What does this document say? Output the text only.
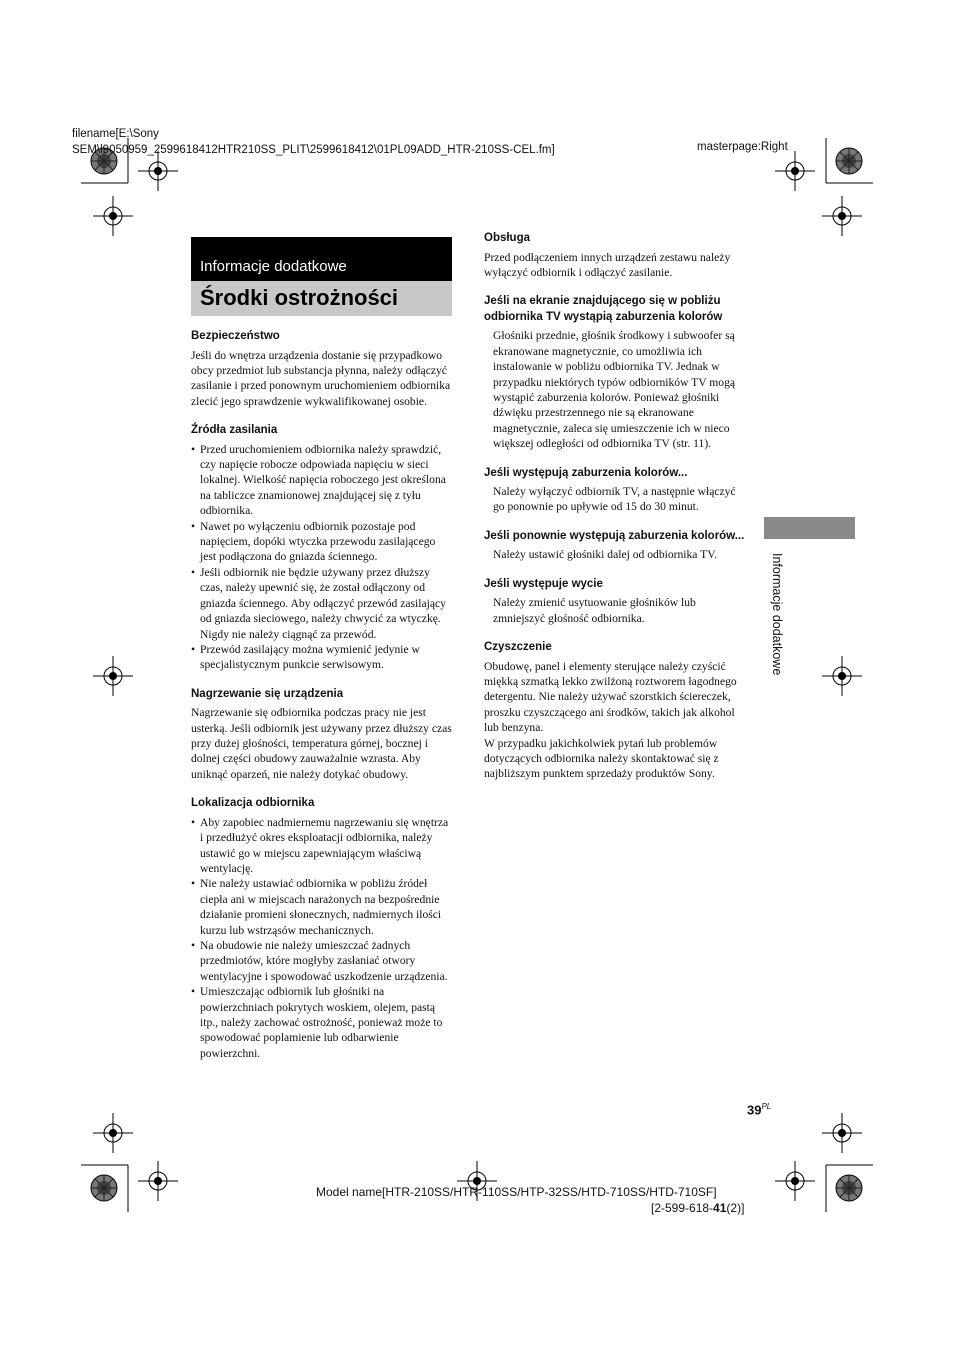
filename[E:\Sony
SEM\l9050959_2599618412HTR210SS_PLIT\2599618412\01PL09ADD_HTR-210SS-CEL.fm]	masterpage:Right
Informacje dodatkowe
Środki ostrożności
Informacje dodatkowe
Bezpieczeństwo

Jeśli do wnętrza urządzenia dostanie się przypadkowo obcy przedmiot lub substancja płynna, należy odłączyć zasilanie i przed ponownym uruchomieniem odbiornika zlecić jego sprawdzenie wykwalifikowanej osobie.

Źródła zasilania
• Przed uruchomieniem odbiornika należy sprawdzić, czy napięcie robocze odpowiada napięciu w sieci lokalnej. Wielkość napięcia roboczego jest określona na tabliczce znamionowej znajdującej się z tyłu odbiornika.
• Nawet po wyłączeniu odbiornik pozostaje pod napięciem, dopóki wtyczka przewodu zasilającego jest podłączona do gniazda ściennego.
• Jeśli odbiornik nie będzie używany przez dłuższy czas, należy upewnić się, że został odłączony od gniazda ściennego. Aby odłączyć przewód zasilający od gniazda sieciowego, należy chwycić za wtyczkę. Nigdy nie należy ciągnąć za przewód.
• Przewód zasilający można wymienić jedynie w specjalistycznym punkcie serwisowym.
Nagrzewanie się urządzenia

Nagrzewanie się odbiornika podczas pracy nie jest usterką. Jeśli odbiornik jest używany przez dłuższy czas przy dużej głośności, temperatura górnej, bocznej i dolnej części obudowy zauważalnie wzrasta. Aby uniknąć oparzeń, nie należy dotykać obudowy.

Lokalizacja odbiornika
• Aby zapobiec nadmiernemu nagrzewaniu się wnętrza i przedłużyć okres eksploatacji odbiornika, należy ustawić go w miejscu zapewniającym właściwą wentylację.
• Nie należy ustawiać odbiornika w pobliżu źródeł ciepła ani w miejscach narażonych na bezpośrednie działanie promieni słonecznych, nadmiernych ilości kurzu lub wstrząsów mechanicznych.
• Na obudowie nie należy umieszczać żadnych przedmiotów, które mogłyby zasłaniać otwory wentylacyjne i spowodować uszkodzenie urządzenia.
• Umieszczając odbiornik lub głośniki na powierzchniach pokrytych woskiem, olejem, pastą itp., należy zachować ostrożność, ponieważ może to spowodować poplamienie lub odbarwienie powierzchni.
Obsługa

Przed podłączeniem innych urządzeń zestawu należy wyłączyć odbiornik i odłączyć zasilanie.

Jeśli na ekranie znajdującego się w pobliżu odbiornika TV wystąpią zaburzenia kolorów

Głośniki przednie, głośnik środkowy i subwoofer są ekranowane magnetycznie, co umożliwia ich instalowanie w pobliżu odbiornika TV. Jednak w przypadku niektórych typów odbiorników TV mogą wystąpić zaburzenia kolorów. Ponieważ głośniki dźwięku przestrzennego nie są ekranowane magnetycznie, zaleca się umieszczenie ich w nieco większej odległości od odbiornika TV (str. 11).

Jeśli występują zaburzenia kolorów...

Należy wyłączyć odbiornik TV, a następnie włączyć go ponownie po upływie od 15 do 30 minut.

Jeśli ponownie występują zaburzenia kolorów...

Należy ustawić głośniki dalej od odbiornika TV.

Jeśli występuje wycie

Należy zmienić usytuowanie głośników lub zmniejszyć głośność odbiornika.

Czyszczenie

Obudowę, panel i elementy sterujące należy czyścić miękką szmatką lekko zwilżoną roztworem łagodnego detergentu. Nie należy używać szorstkich ściereczek, proszku czyszczącego ani środków, takich jak alkohol lub benzyna.

W przypadku jakichkolwiek pytań lub problemów dotyczących odbiornika należy skontaktować się z najbliższym punktem sprzedaży produktów Sony.

$39^{PL}$
Model name[HTR-210SS/HTR-110SS/HTP-32SS/HTD-710SS/HTD-710SF]
[2-599-618-41(2)]
